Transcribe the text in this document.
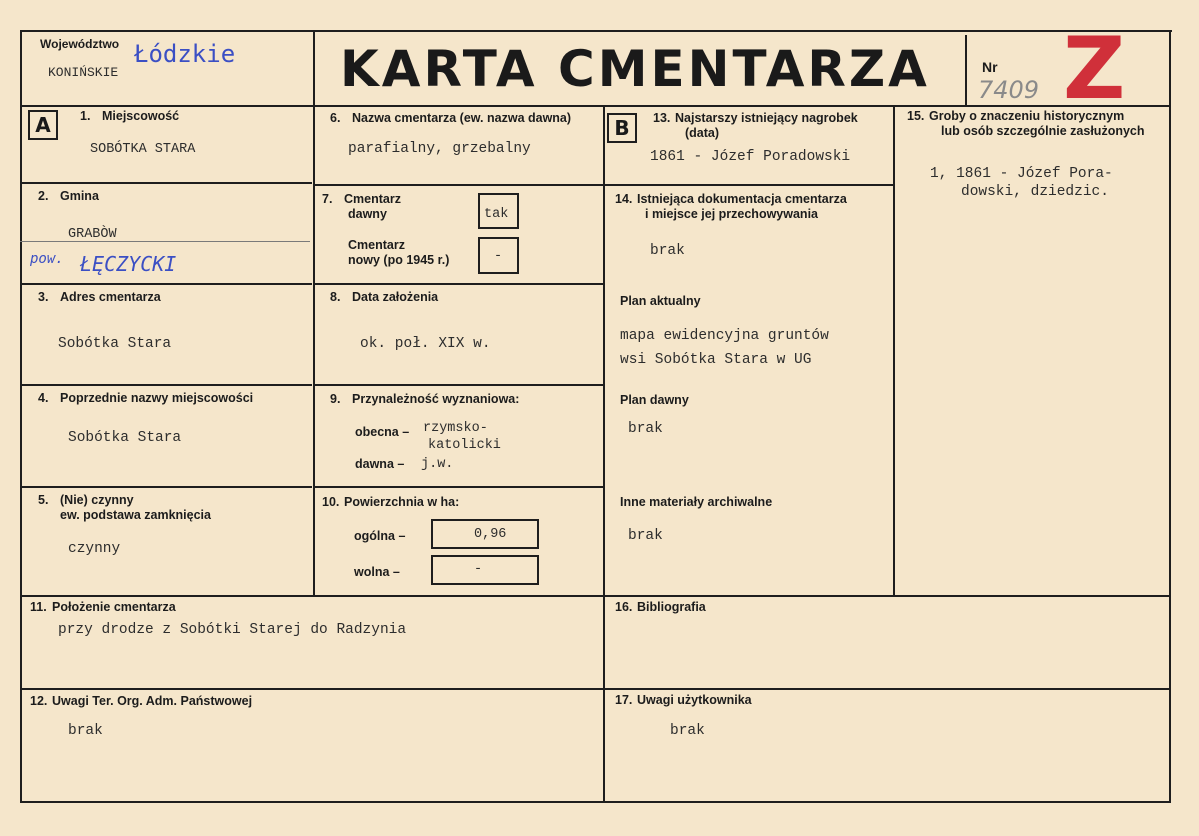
Województwo Łódzkie
KONIŃSKIE	KARTA CMENTARZA	Nr
7409 Z
A	B
1. Miejscowość
SOBÓTKA STARA
2. Gmina
GRABÒW
pow. ŁĘCZYCKI
3. Adres cmentarza
Sobótka Stara
4. Poprzednie nazwy miejscowości
Sobótka Stara
5. (Nie) czynny
ew. podstawa zamknięcia
czynny
6. Nazwa cmentarza (ew. nazwa dawna)
parafialny, grzebalny
7. Cmentarz
dawny	tak
Cmentarz
nowy (po 1945 r.)	-
8. Data założenia
ok. poł. XIX w.
9. Przynależność wyznaniowa:
obecna – rzymsko-
katolicki
dawna – j.w.
10. Powierzchnia w ha:
ogólna –	0,96
wolna –	-
13. Najstarszy istniejący nagrobek
(data)
1861 - Józef Poradowski
14. Istniejąca dokumentacja cmentarza
i miejsce jej przechowywania
brak
Plan aktualny
mapa ewidencyjna gruntów
wsi Sobótka Stara w UG
Plan dawny
brak
Inne materiały archiwalne
brak
15. Groby o znaczeniu historycznym
lub osób szczególnie zasłużonych
1, 1861 - Józef Pora-
dowski, dziedzic.
11. Położenie cmentarza
przy drodze z Sobótki Starej do Radzynia
16. Bibliografia
12. Uwagi Ter. Org. Adm. Państwowej
brak
17. Uwagi użytkownika
brak
